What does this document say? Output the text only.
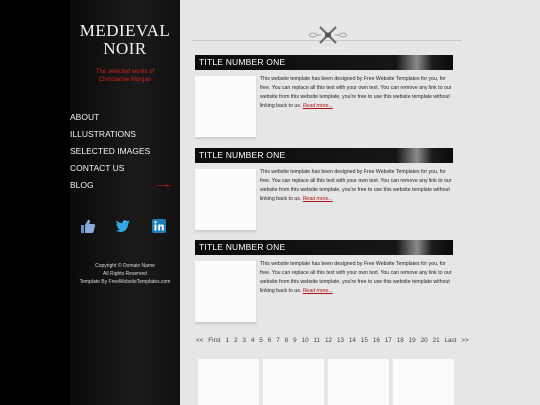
MEDIEVAL
NOIR
The selected works of
Christianne Morgan
ABOUT
ILLUSTRATIONS
SELECTED IMAGES
CONTACT US
BLOG
Copyright © Domain Name
All Rights Reserved
Template By FreeWebsiteTemplates.com
TITLE NUMBER ONE
This website template has been designed by Free Website Templates for you, for free. You can replace all this text with your own text. You can remove any link to our website from this website template, you're free to use this website template without linking back to us. Read more...
TITLE NUMBER ONE
This website template has been designed by Free Website Templates for you, for free. You can replace all this text with your own text. You can remove any link to our website from this website template, you're free to use this website template without linking back to us. Read more...
TITLE NUMBER ONE
This website template has been designed by Free Website Templates for you, for free. You can replace all this text with your own text. You can remove any link to our website from this website template, you're free to use this website template without linking back to us. Read more...
<< First 1 2 3 4 5 6 7 8 9 10 11 12 13 14 15 16 17 18 19 20 21 Last >>
